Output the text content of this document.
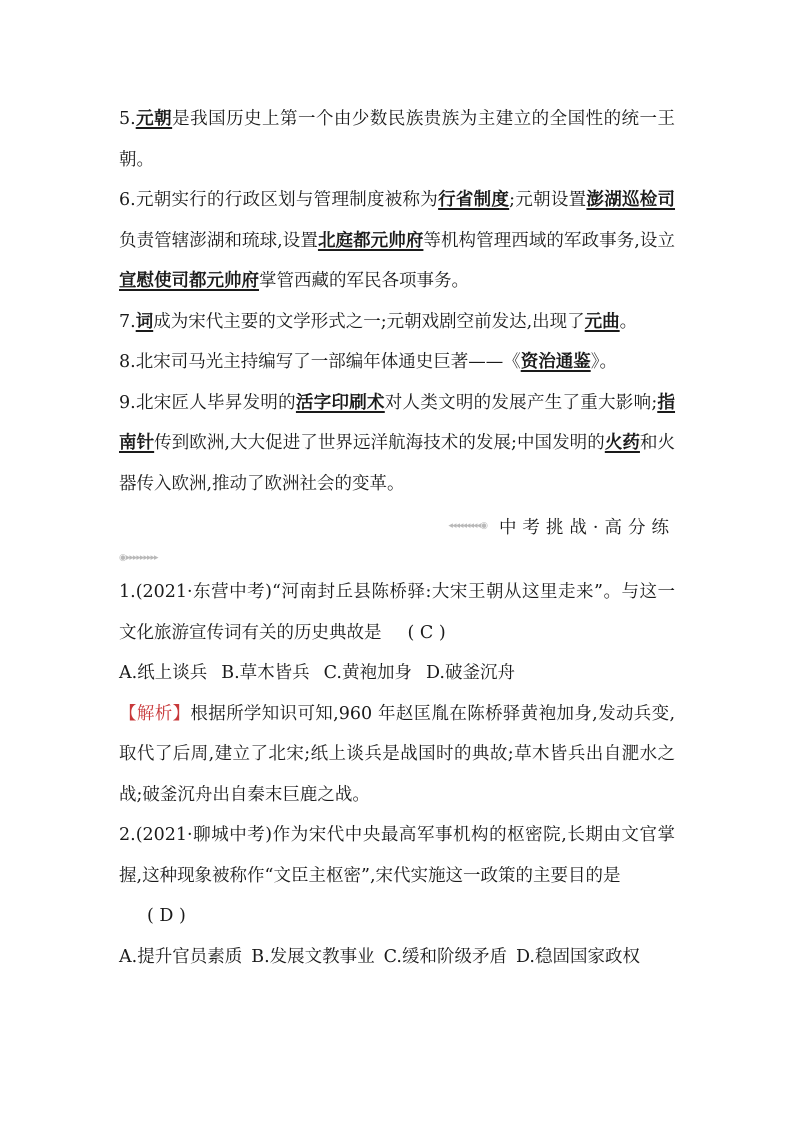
5.元朝是我国历史上第一个由少数民族贵族为主建立的全国性的统一王朝。

6.元朝实行的行政区划与管理制度被称为行省制度;元朝设置澎湖巡检司负责管辖澎湖和琉球,设置北庭都元帅府等机构管理西域的军政事务,设立宣慰使司都元帅府掌管西藏的军民各项事务。

7.词成为宋代主要的文学形式之一;元朝戏剧空前发达,出现了元曲。

8.北宋司马光主持编写了一部编年体通史巨著——《资治通鉴》。

9.北宋匠人毕昇发明的活字印刷术对人类文明的发展产生了重大影响;指南针传到欧洲,大大促进了世界远洋航海技术的发展;中国发明的火药和火器传入欧洲,推动了欧洲社会的变革。

◂◂◂◂◂◂◂◂◂◉ 中考挑战·高分练
◉▸▸▸▸▸▸▸▸▸

1.(2021·东营中考)“河南封丘县陈桥驿:大宋王朝从这里走来”。与这一文化旅游宣传词有关的历史典故是 ( C )

A.纸上谈兵 B.草木皆兵 C.黄袍加身 D.破釜沉舟

【解析】根据所学知识可知,960 年赵匡胤在陈桥驿黄袍加身,发动兵变,取代了后周,建立了北宋;纸上谈兵是战国时的典故;草木皆兵出自淝水之战;破釜沉舟出自秦末巨鹿之战。

2.(2021·聊城中考)作为宋代中央最高军事机构的枢密院,长期由文官掌握,这种现象被称作“文臣主枢密”,宋代实施这一政策的主要目的是

( D )

A.提升官员素质 B.发展文教事业 C.缓和阶级矛盾 D.稳固国家政权
